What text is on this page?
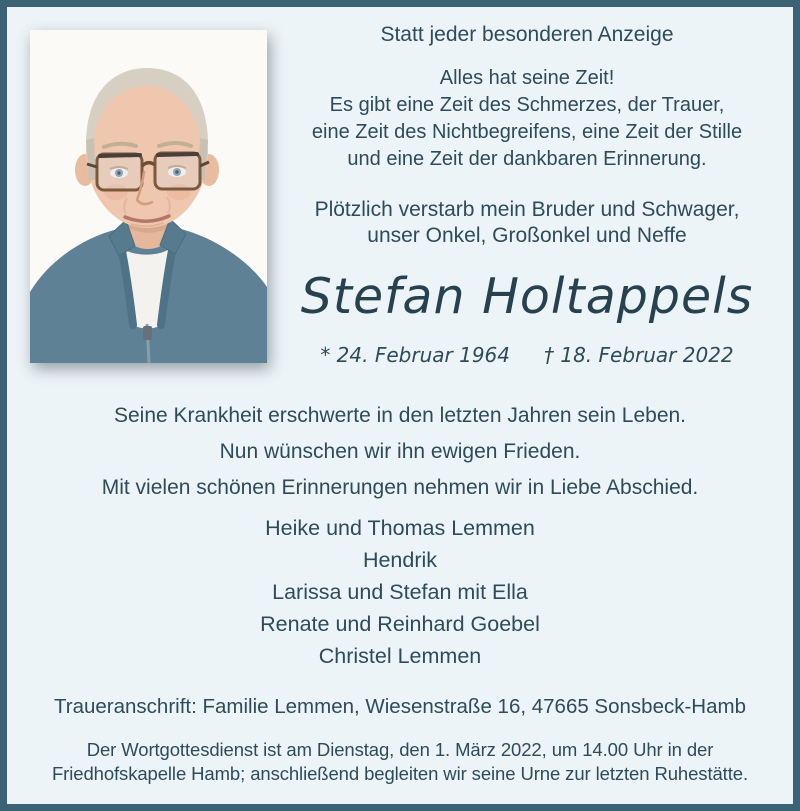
Statt jeder besonderen Anzeige
Alles hat seine Zeit!
Es gibt eine Zeit des Schmerzes, der Trauer,
eine Zeit des Nichtbegreifens, eine Zeit der Stille
und eine Zeit der dankbaren Erinnerung.
Plötzlich verstarb mein Bruder und Schwager,
unser Onkel, Großonkel und Neffe
Stefan Holtappels
* 24. Februar 1964 † 18. Februar 2022
Seine Krankheit erschwerte in den letzten Jahren sein Leben.
Nun wünschen wir ihn ewigen Frieden.
Mit vielen schönen Erinnerungen nehmen wir in Liebe Abschied.
Heike und Thomas Lemmen
Hendrik
Larissa und Stefan mit Ella
Renate und Reinhard Goebel
Christel Lemmen
Traueranschrift: Familie Lemmen, Wiesenstraße 16, 47665 Sonsbeck-Hamb
Der Wortgottesdienst ist am Dienstag, den 1. März 2022, um 14.00 Uhr in der
Friedhofskapelle Hamb; anschließend begleiten wir seine Urne zur letzten Ruhestätte.
